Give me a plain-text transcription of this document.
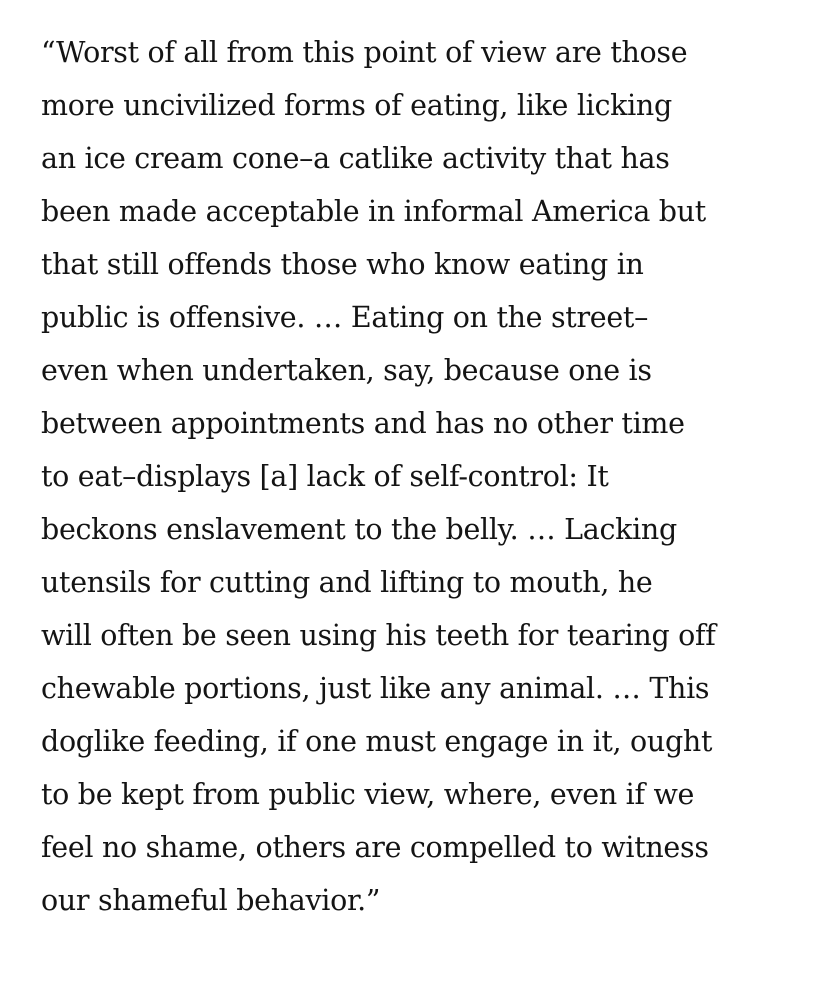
“Worst of all from this point of view are those
more uncivilized forms of eating, like licking
an ice cream cone–a catlike activity that has
been made acceptable in informal America but
that still offends those who know eating in
public is offensive. … Eating on the street–
even when undertaken, say, because one is
between appointments and has no other time
to eat–displays [a] lack of self-control: It
beckons enslavement to the belly. … Lacking
utensils for cutting and lifting to mouth, he
will often be seen using his teeth for tearing off
chewable portions, just like any animal. … This
doglike feeding, if one must engage in it, ought
to be kept from public view, where, even if we
feel no shame, others are compelled to witness
our shameful behavior.”
